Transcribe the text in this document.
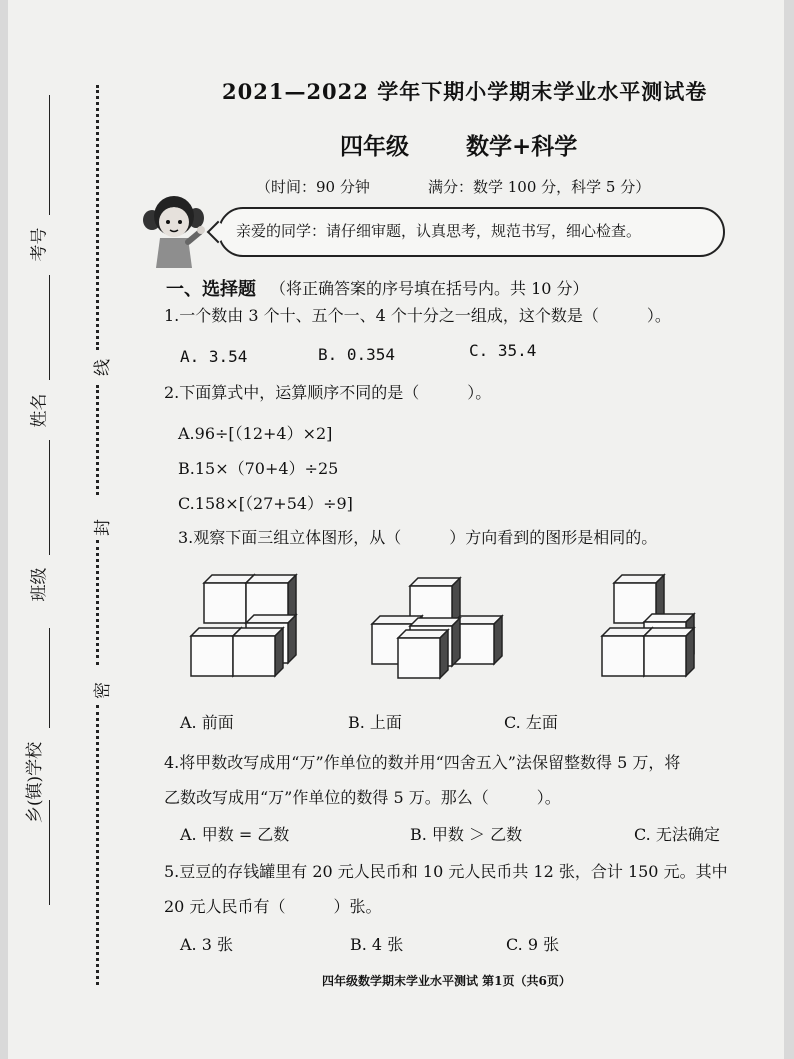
考号
姓名
班级
乡(镇)学校
线
封
密
2021—2022 学年下期小学期末学业水平测试卷
四年级 数学+科学
（时间：90 分钟	满分：数学 100 分，科学 5 分）
亲爱的同学：请仔细审题，认真思考，规范书写，细心检查。
一、选择题 （将正确答案的序号填在括号内。共 10 分）
1.一个数由 3 个十、五个一、4 个十分之一组成，这个数是（　　　）。
A. 3.54	B. 0.354	C. 35.4
2.下面算式中，运算顺序不同的是（　　　）。
A.96÷[（12+4）×2]
B.15×（70+4）÷25
C.158×[（27+54）÷9]
3.观察下面三组立体图形，从（　　　）方向看到的图形是相同的。
A. 前面	B. 上面	C. 左面
4.将甲数改写成用“万”作单位的数并用“四舍五入”法保留整数得 5 万，将
乙数改写成用“万”作单位的数得 5 万。那么（　　　）。
A. 甲数 = 乙数	B. 甲数 ＞ 乙数	C. 无法确定
5.豆豆的存钱罐里有 20 元人民币和 10 元人民币共 12 张，合计 150 元。其中
20 元人民币有（　　　）张。
A. 3 张	B. 4 张	C. 9 张
四年级数学期末学业水平测试 第1页（共6页）
